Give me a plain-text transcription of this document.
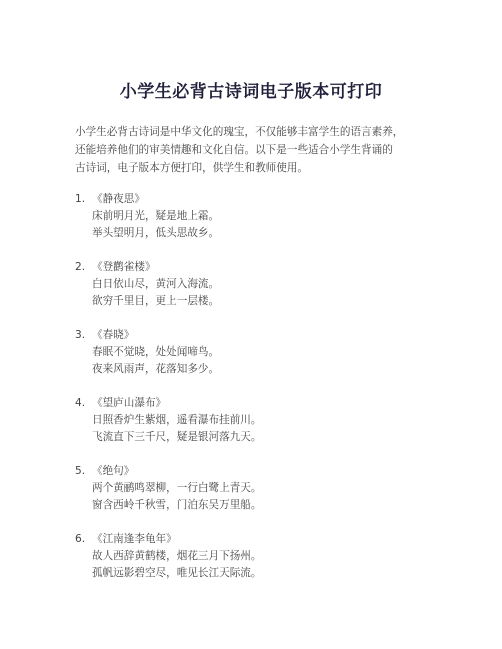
小学生必背古诗词电子版本可打印
小学生必背古诗词是中华文化的瑰宝，不仅能够丰富学生的语言素养，
还能培养他们的审美情趣和文化自信。以下是一些适合小学生背诵的
古诗词，电子版本方便打印，供学生和教师使用。
1. 《静夜思》
床前明月光，疑是地上霜。
举头望明月，低头思故乡。
2. 《登鹳雀楼》
白日依山尽，黄河入海流。
欲穷千里目，更上一层楼。
3. 《春晓》
春眠不觉晓，处处闻啼鸟。
夜来风雨声，花落知多少。
4. 《望庐山瀑布》
日照香炉生紫烟，遥看瀑布挂前川。
飞流直下三千尺，疑是银河落九天。
5. 《绝句》
两个黄鹂鸣翠柳，一行白鹭上青天。
窗含西岭千秋雪，门泊东吴万里船。
6. 《江南逢李龟年》
故人西辞黄鹤楼，烟花三月下扬州。
孤帆远影碧空尽，唯见长江天际流。
